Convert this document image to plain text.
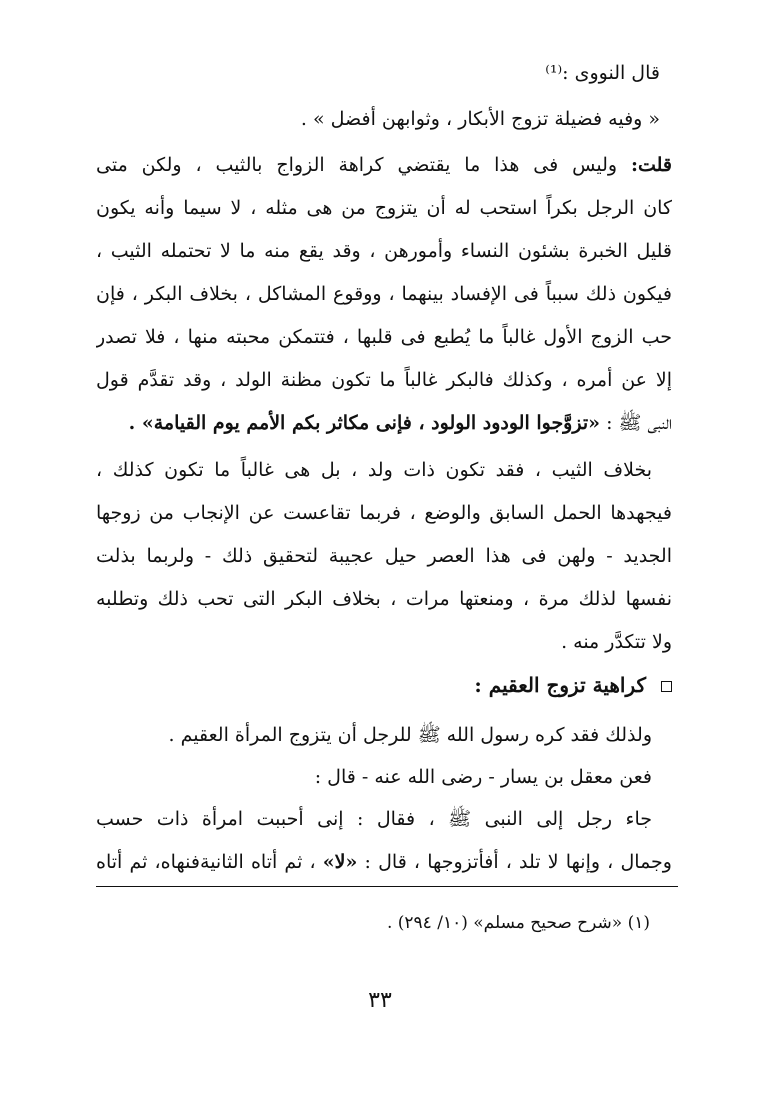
قال النووى :⁽¹⁾
« وفيه فضيلة تزوج الأبكار ، وثوابهن أفضل » .
قلت: وليس فى هذا ما يقتضي كراهة الزواج بالثيب ، ولكن متى
كان الرجل بكراً استحب له أن يتزوج من هى مثله ، لا سيما وأنه يكون
قليل الخبرة بشئون النساء وأمورهن ، وقد يقع منه ما لا تحتمله الثيب ،
فيكون ذلك سبباً فى الإفساد بينهما ، ووقوع المشاكل ، بخلاف البكر ، فإن
حب الزوج الأول غالباً ما يُطبع فى قلبها ، فتتمكن محبته منها ، فلا تصدر
إلا عن أمره ، وكذلك فالبكر غالباً ما تكون مظنة الولد ، وقد تقدَّم قول
النبى ﷺ : «تزوَّجوا الودود الولود ، فإنى مكاثر بكم الأمم يوم القيامة» .
بخلاف الثيب ، فقد تكون ذات ولد ، بل هى غالباً ما تكون كذلك ،
فيجهدها الحمل السابق والوضع ، فربما تقاعست عن الإنجاب من زوجها
الجديد - ولهن فى هذا العصر حيل عجيبة لتحقيق ذلك - ولربما بذلت
نفسها لذلك مرة ، ومنعتها مرات ، بخلاف البكر التى تحب ذلك وتطلبه
ولا تتكدَّر منه .
كراهية تزوج العقيم :
ولذلك فقد كره رسول الله ﷺ للرجل أن يتزوج المرأة العقيم .
فعن معقل بن يسار - رضى الله عنه - قال :
جاء رجل إلى النبى ﷺ ، فقال : إنى أحببت امرأة ذات حسب
وجمال ، وإنها لا تلد ، أفأتزوجها ، قال : «لا» ، ثم أتاه الثانيةفنهاه، ثم أتاه
(١) «شرح صحيح مسلم» (١٠/ ٢٩٤) .
٣٣
